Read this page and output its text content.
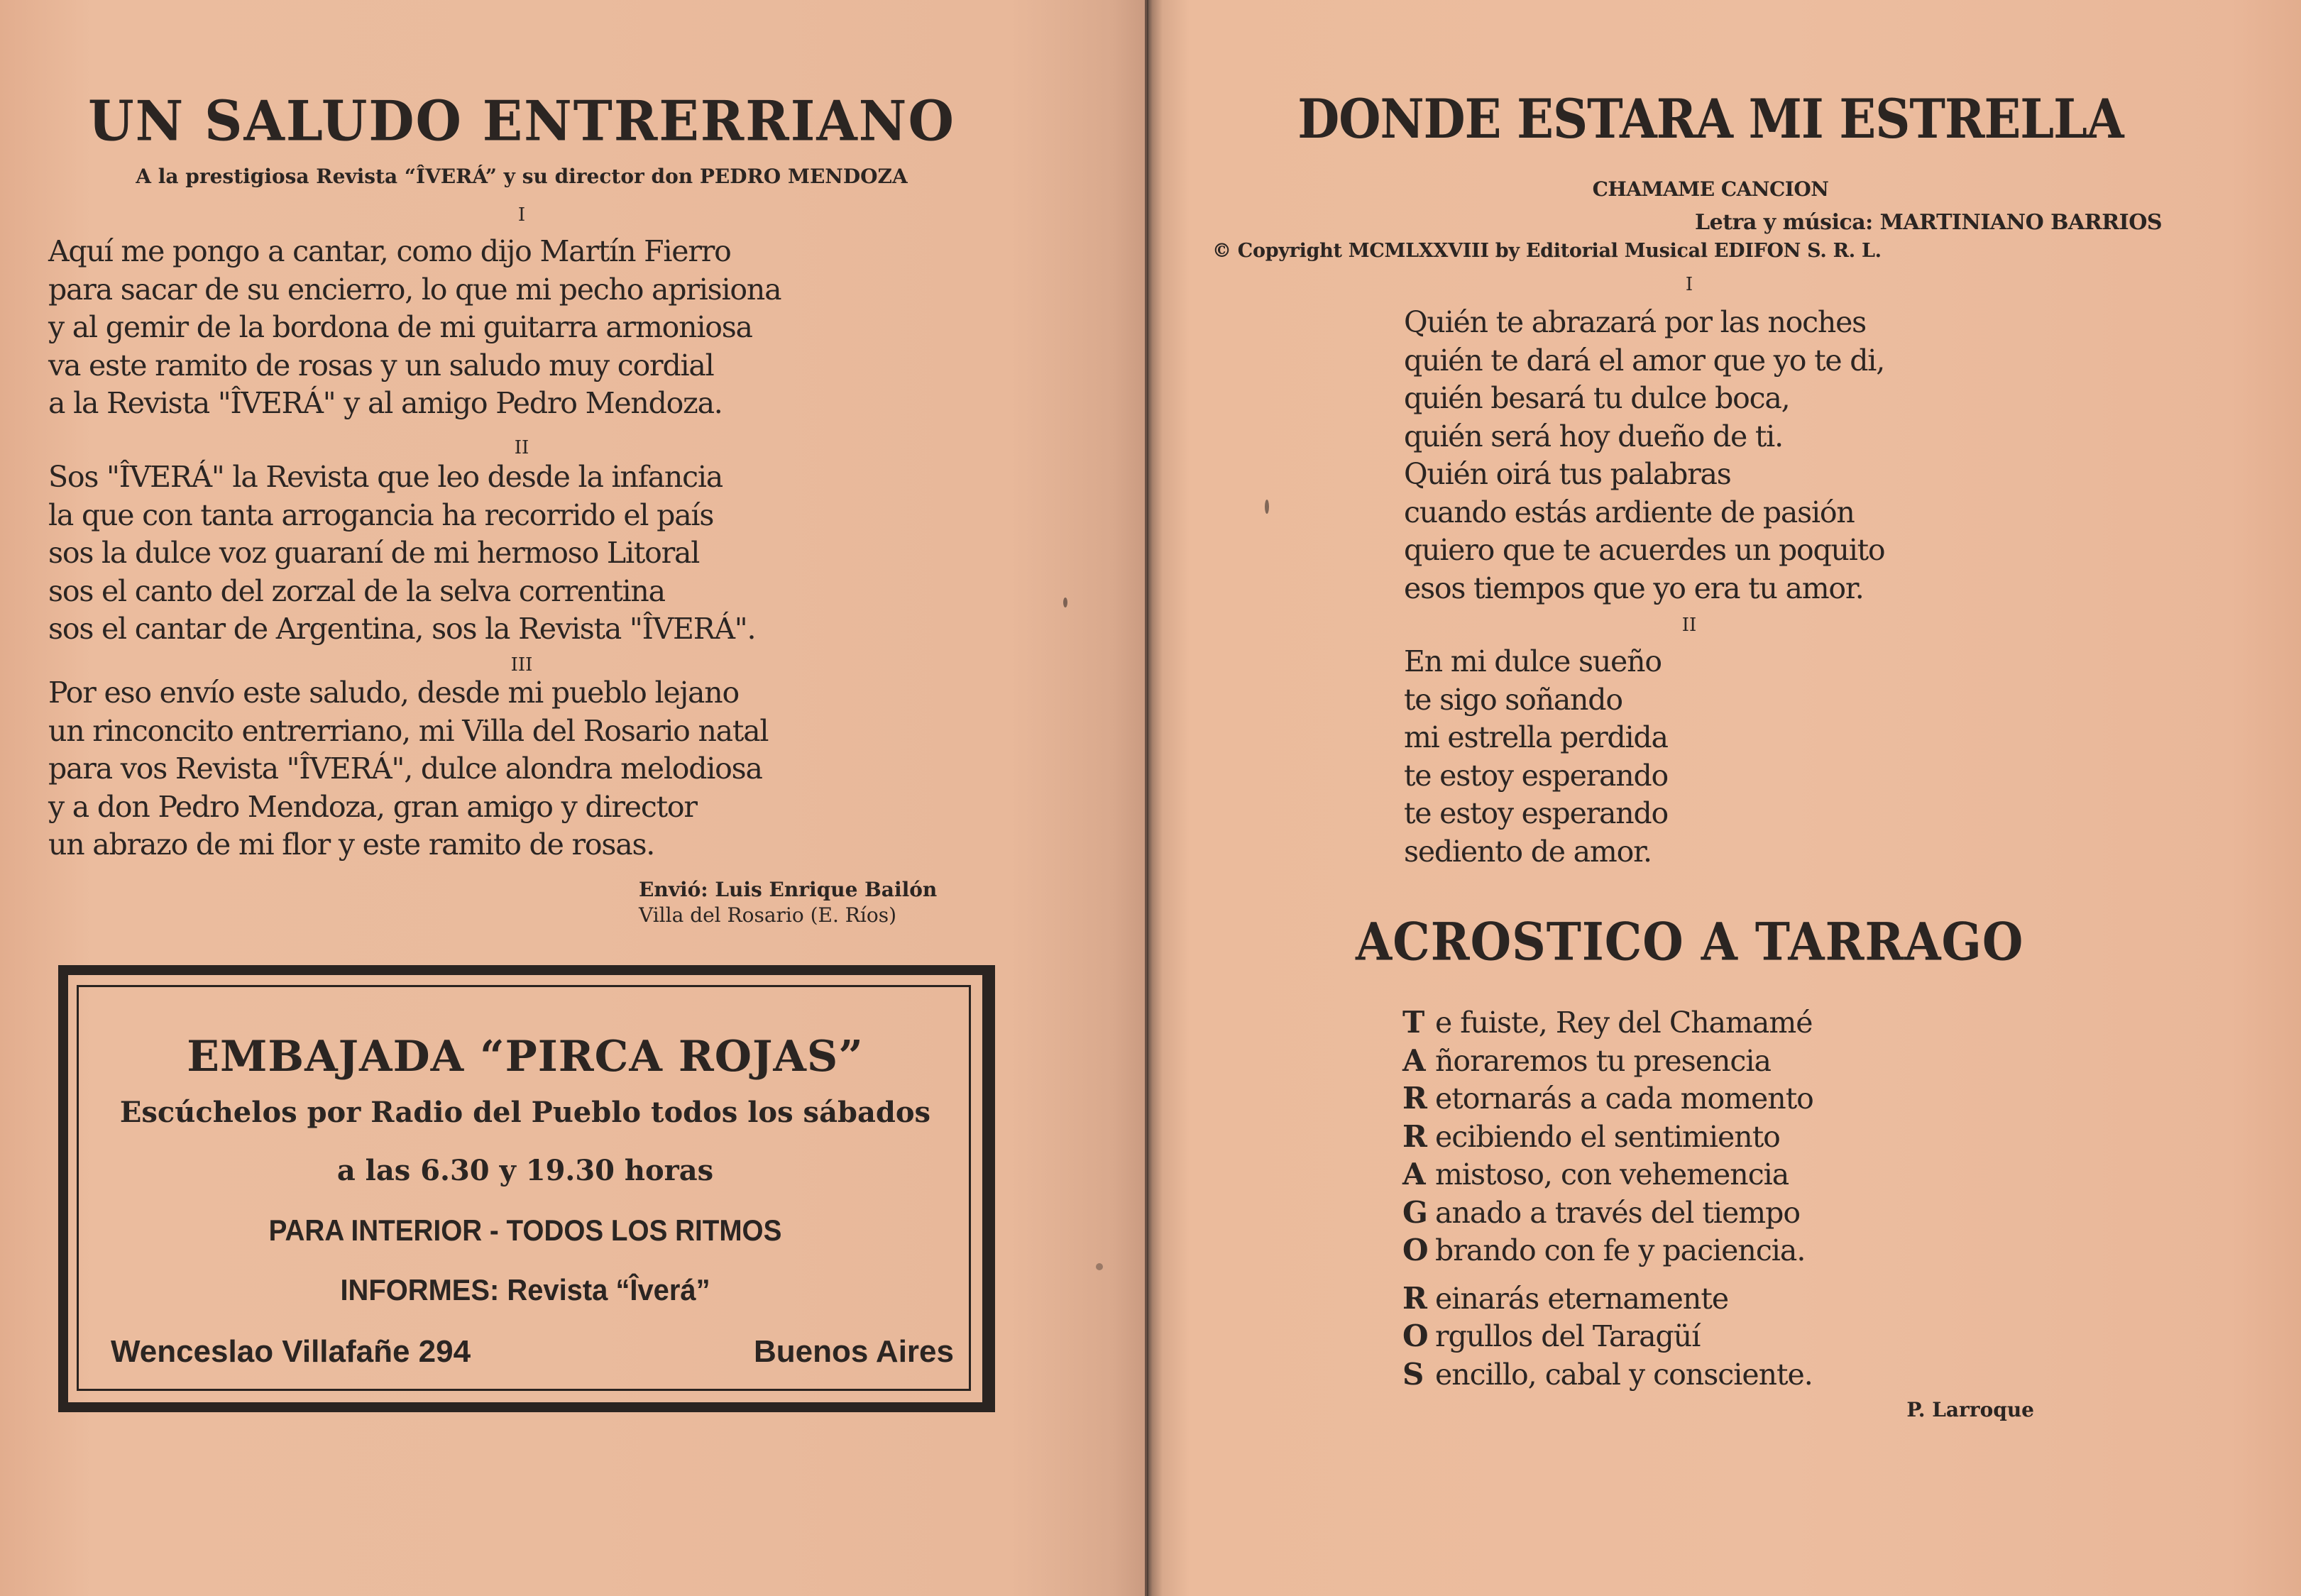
UN SALUDO ENTRERRIANO
A la prestigiosa Revista “ÎVERÁ” y su director don PEDRO MENDOZA
I
Aquí me pongo a cantar, como dijo Martín Fierro
para sacar de su encierro, lo que mi pecho aprisiona
y al gemir de la bordona de mi guitarra armoniosa
va este ramito de rosas y un saludo muy cordial
a la Revista "ÎVERÁ" y al amigo Pedro Mendoza.
II
Sos "ÎVERÁ" la Revista que leo desde la infancia
la que con tanta arrogancia ha recorrido el país
sos la dulce voz guaraní de mi hermoso Litoral
sos el canto del zorzal de la selva correntina
sos el cantar de Argentina, sos la Revista "ÎVERÁ".
III
Por eso envío este saludo, desde mi pueblo lejano
un rinconcito entrerriano, mi Villa del Rosario natal
para vos Revista "ÎVERÁ", dulce alondra melodiosa
y a don Pedro Mendoza, gran amigo y director
un abrazo de mi flor y este ramito de rosas.
Envió: Luis Enrique Bailón
Villa del Rosario (E. Ríos)
EMBAJADA “PIRCA ROJAS”
Escúchelos por Radio del Pueblo todos los sábados
a las 6.30 y 19.30 horas
PARA INTERIOR - TODOS LOS RITMOS
INFORMES: Revista “Îverá”
Wenceslao Villafañe 294	Buenos Aires
DONDE ESTARA MI ESTRELLA
CHAMAME CANCION
Letra y música: MARTINIANO BARRIOS
© Copyright MCMLXXVIII by Editorial Musical EDIFON S. R. L.
I
Quién te abrazará por las noches
quién te dará el amor que yo te di,
quién besará tu dulce boca,
quién será hoy dueño de ti.
Quién oirá tus palabras
cuando estás ardiente de pasión
quiero que te acuerdes un poquito
esos tiempos que yo era tu amor.
II
En mi dulce sueño
te sigo soñando
mi estrella perdida
te estoy esperando
te estoy esperando
sediento de amor.
ACROSTICO A TARRAGO
T e fuiste, Rey del Chamamé
A ñoraremos tu presencia
R etornarás a cada momento
R ecibiendo el sentimiento
A mistoso, con vehemencia
G anado a través del tiempo
O brando con fe y paciencia.
R einarás eternamente
O rgullos del Taragüí
S encillo, cabal y consciente.
P. Larroque
